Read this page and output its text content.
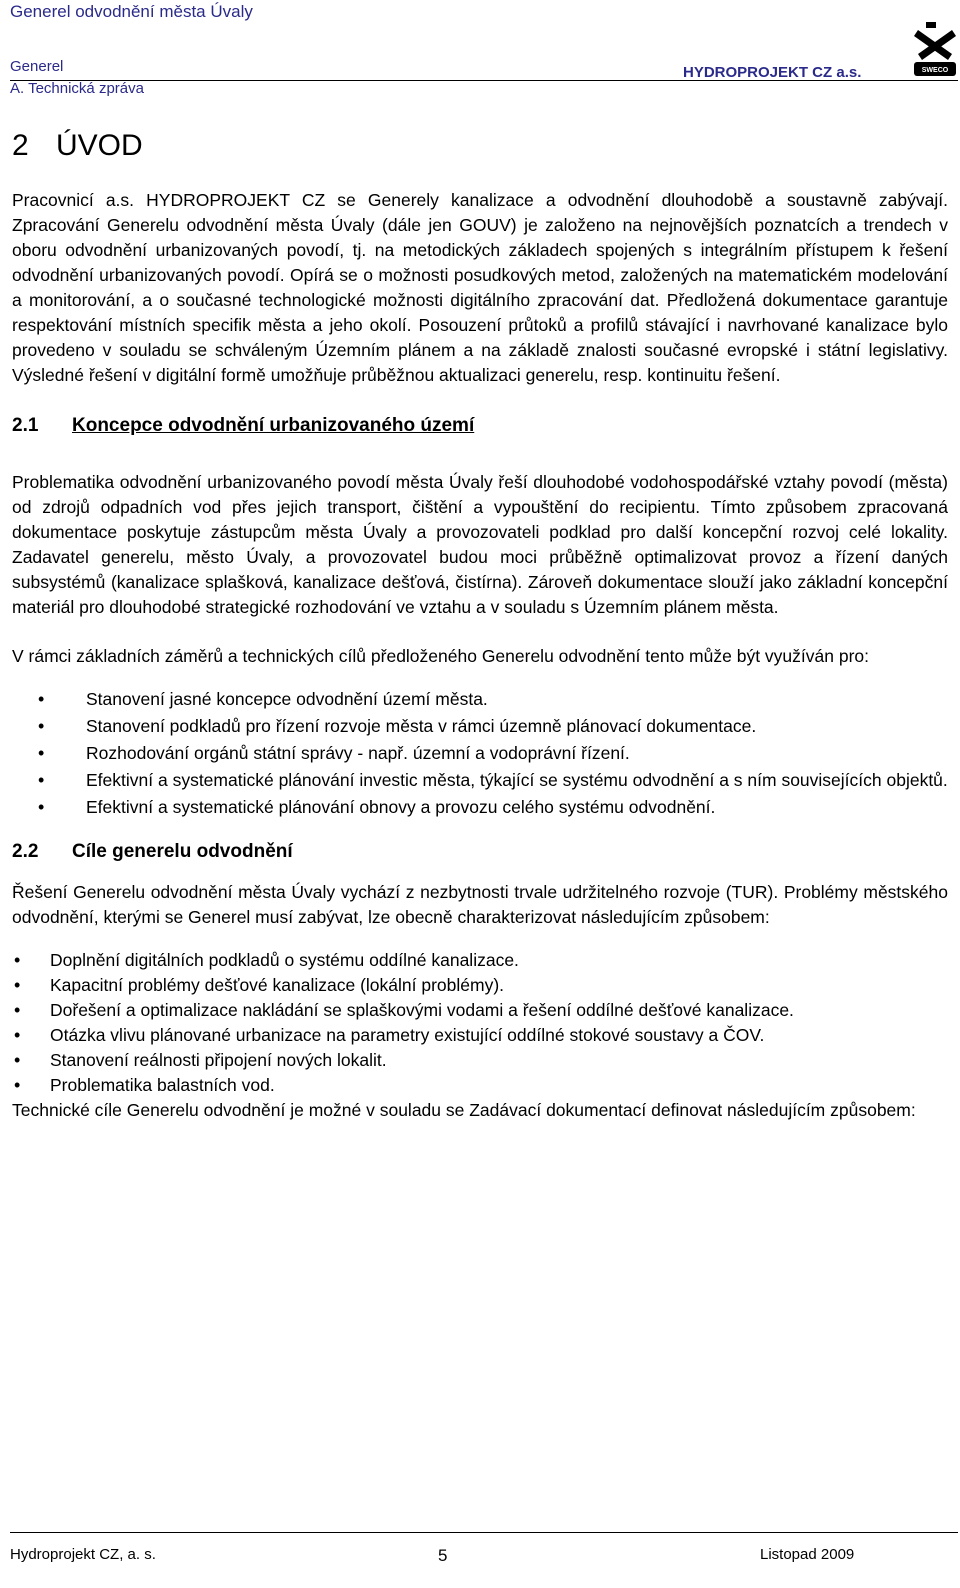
Generel odvodnění města Úvaly
Generel
A. Technická zpráva
HYDROPROJEKT CZ a.s.	SWECO
2 ÚVOD

Pracovnicí a.s. HYDROPROJEKT CZ se Generely kanalizace a odvodnění dlouhodobě a soustavně zabývají. Zpracování Generelu odvodnění města Úvaly (dále jen GOUV) je založeno na nejnovějších poznatcích a trendech v oboru odvodnění urbanizovaných povodí, tj. na metodických základech spojených s integrálním přístupem k řešení odvodnění urbanizovaných povodí. Opírá se o možnosti posudkových metod, založených na matematickém modelování a monitorování, a o současné technologické možnosti digitálního zpracování dat. Předložená dokumentace garantuje respektování místních specifik města a jeho okolí. Posouzení průtoků a profilů stávající i navrhované kanalizace bylo provedeno v souladu se schváleným Územním plánem a na základě znalosti současné evropské i státní legislativy. Výsledné řešení v digitální formě umožňuje průběžnou aktualizaci generelu, resp. kontinuitu řešení.

2.1 Koncepce odvodnění urbanizovaného území

Problematika odvodnění urbanizovaného povodí města Úvaly řeší dlouhodobé vodohospodářské vztahy povodí (města) od zdrojů odpadních vod přes jejich transport, čištění a vypouštění do recipientu. Tímto způsobem zpracovaná dokumentace poskytuje zástupcům města Úvaly a provozovateli podklad pro další koncepční rozvoj celé lokality. Zadavatel generelu, město Úvaly, a provozovatel budou moci průběžně optimalizovat provoz a řízení daných subsystémů (kanalizace splašková, kanalizace dešťová, čistírna). Zároveň dokumentace slouží jako základní koncepční materiál pro dlouhodobé strategické rozhodování ve vztahu a v souladu s Územním plánem města.

V rámci základních záměrů a technických cílů předloženého Generelu odvodnění tento může být využíván pro:

• Stanovení jasné koncepce odvodnění území města.
• Stanovení podkladů pro řízení rozvoje města v rámci územně plánovací dokumentace.
• Rozhodování orgánů státní správy - např. územní a vodoprávní řízení.
• Efektivní a systematické plánování investic města, týkající se systému odvodnění a s ním souvisejících objektů.
• Efektivní a systematické plánování obnovy a provozu celého systému odvodnění.
2.2 Cíle generelu odvodnění

Řešení Generelu odvodnění města Úvaly vychází z nezbytnosti trvale udržitelného rozvoje (TUR). Problémy městského odvodnění, kterými se Generel musí zabývat, lze obecně charakterizovat následujícím způsobem:

• Doplnění digitálních podkladů o systému oddílné kanalizace.
• Kapacitní problémy dešťové kanalizace (lokální problémy).
• Dořešení a optimalizace nakládání se splaškovými vodami a řešení oddílné dešťové kanalizace.
• Otázka vlivu plánované urbanizace na parametry existující oddílné stokové soustavy a ČOV.
• Stanovení reálnosti připojení nových lokalit.
• Problematika balastních vod.

Technické cíle Generelu odvodnění je možné v souladu se Zadávací dokumentací definovat následujícím způsobem:

Hydroprojekt CZ, a. s.	5	Listopad 2009
